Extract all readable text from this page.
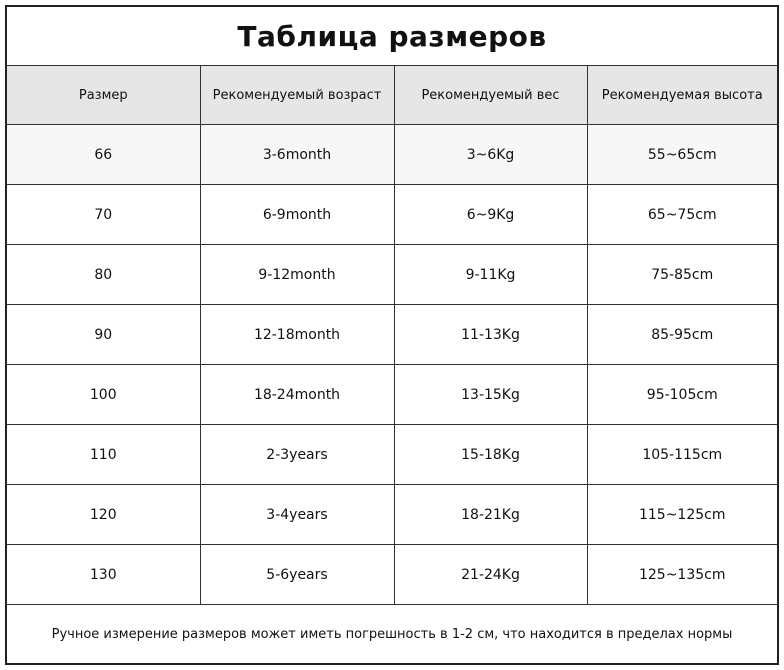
Таблица размеров
Размер	Рекомендуемый возраст	Рекомендуемый вес	Рекомендуемая высота
66	3-6month	3~6Kg	55~65cm
70	6-9month	6~9Kg	65~75cm
80	9-12month	9-11Kg	75-85cm
90	12-18month	11-13Kg	85-95cm
100	18-24month	13-15Kg	95-105cm
110	2-3years	15-18Kg	105-115cm
120	3-4years	18-21Kg	115~125cm
130	5-6years	21-24Kg	125~135cm
Ручное измерение размеров может иметь погрешность в 1-2 см, что находится в пределах нормы
